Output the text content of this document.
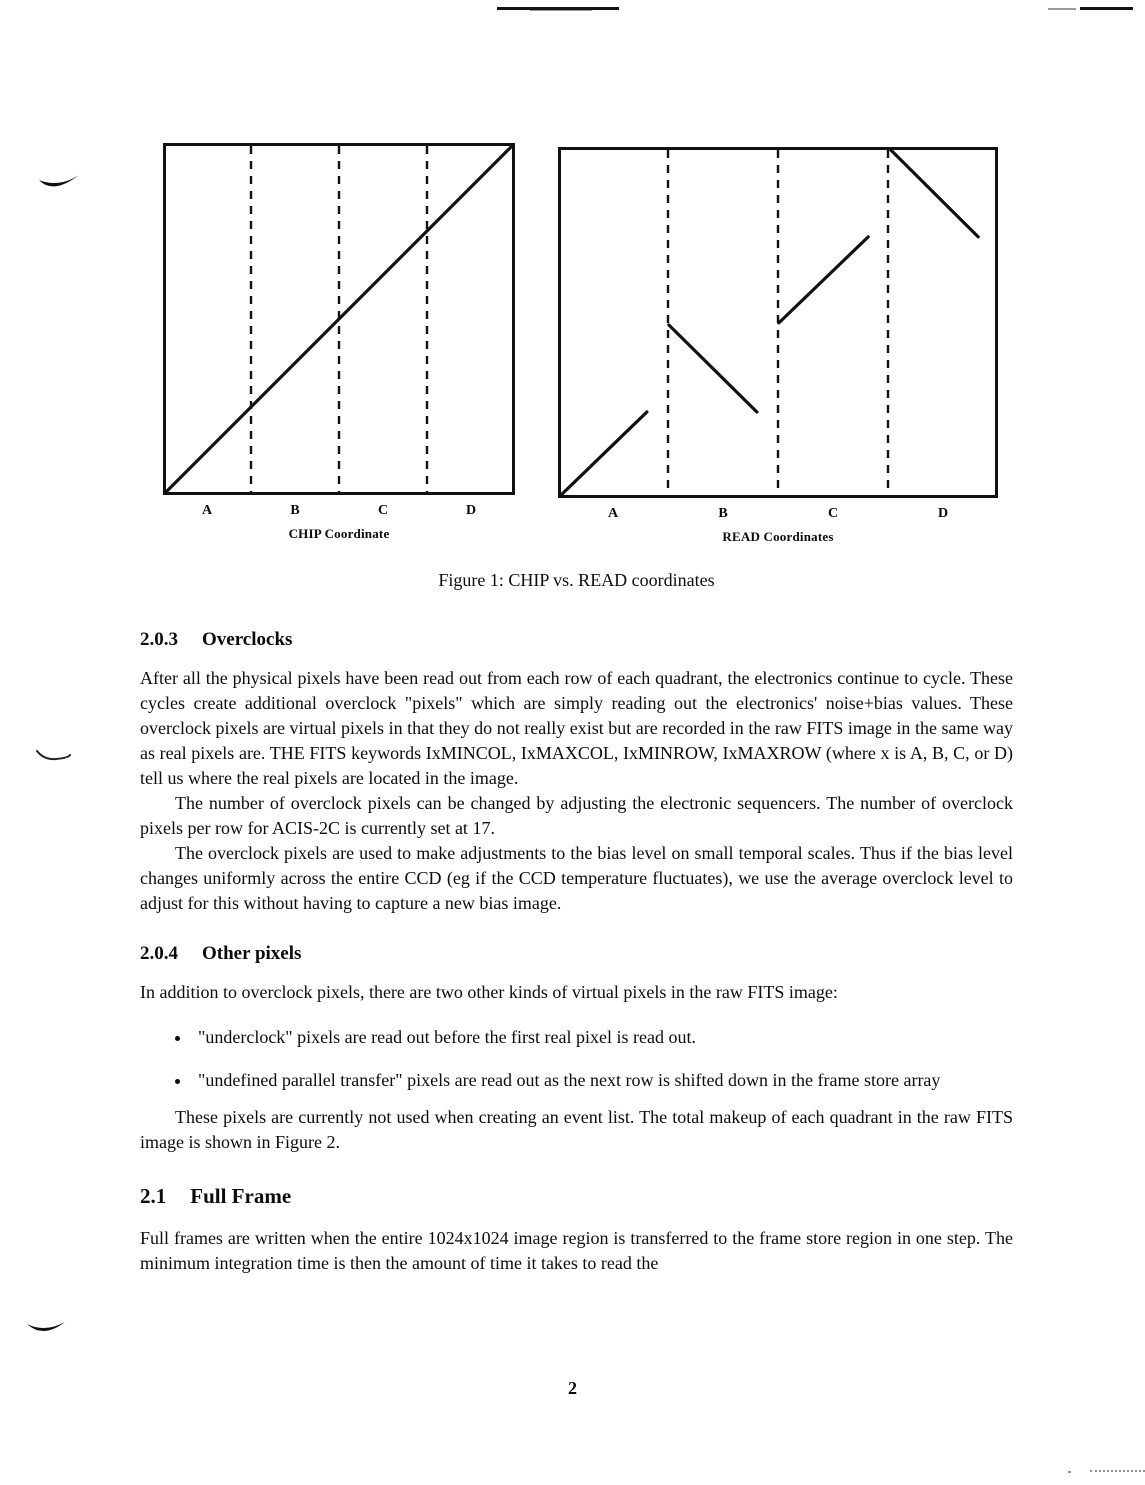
A	B	C	D
CHIP Coordinate
A	B	C	D
READ Coordinates
Figure 1: CHIP vs. READ coordinates
2.0.3 Overclocks

After all the physical pixels have been read out from each row of each quadrant, the electronics continue to cycle. These cycles create additional overclock "pixels" which are simply reading out the electronics' noise+bias values. These overclock pixels are virtual pixels in that they do not really exist but are recorded in the raw FITS image in the same way as real pixels are. THE FITS keywords IxMINCOL, IxMAXCOL, IxMINROW, IxMAXROW (where x is A, B, C, or D) tell us where the real pixels are located in the image.

The number of overclock pixels can be changed by adjusting the electronic sequencers. The number of overclock pixels per row for ACIS-2C is currently set at 17.

The overclock pixels are used to make adjustments to the bias level on small temporal scales. Thus if the bias level changes uniformly across the entire CCD (eg if the CCD temperature fluctuates), we use the average overclock level to adjust for this without having to capture a new bias image.

2.0.4 Other pixels

In addition to overclock pixels, there are two other kinds of virtual pixels in the raw FITS image:

• "underclock" pixels are read out before the first real pixel is read out.
• "undefined parallel transfer" pixels are read out as the next row is shifted down in the frame store array

These pixels are currently not used when creating an event list. The total makeup of each quadrant in the raw FITS image is shown in Figure 2.

2.1 Full Frame

Full frames are written when the entire 1024x1024 image region is transferred to the frame store region in one step. The minimum integration time is then the amount of time it takes to read the

2
